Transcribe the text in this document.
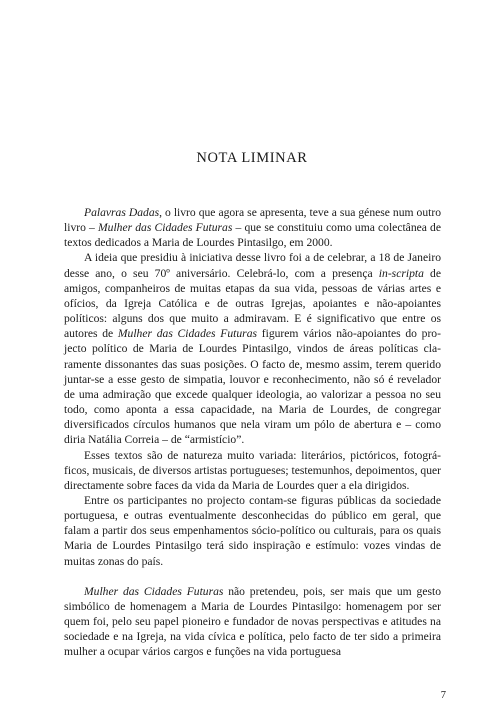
NOTA LIMINAR

Palavras Dadas, o livro que agora se apresenta, teve a sua génese num outro livro – Mulher das Cidades Futuras – que se constituiu como uma colectânea de textos dedicados a Maria de Lourdes Pintasilgo, em 2000.

A ideia que presidiu à iniciativa desse livro foi a de celebrar, a 18 de Janeiro desse ano, o seu 70º aniversário. Celebrá-lo, com a presença in-scripta de amigos, companheiros de muitas etapas da sua vida, pessoas de várias artes e ofícios, da Igreja Católica e de outras Igrejas, apoiantes e não-apoiantes políticos: alguns dos que muito a admiravam. E é significativo que entre os autores de Mulher das Cidades Futuras figurem vários não-apoiantes do projecto político de Maria de Lourdes Pintasilgo, vindos de áreas políticas claramente dissonantes das suas posições. O facto de, mesmo assim, terem querido juntar-se a esse gesto de simpatia, louvor e reconhecimento, não só é revelador de uma admiração que excede qualquer ideologia, ao valorizar a pessoa no seu todo, como aponta a essa capacidade, na Maria de Lourdes, de congregar diversificados círculos humanos que nela viram um pólo de abertura e – como diria Natália Correia – de “armistício”.

Esses textos são de natureza muito variada: literários, pictóricos, fotográficos, musicais, de diversos artistas portugueses; testemunhos, depoimentos, quer directamente sobre faces da vida da Maria de Lourdes quer a ela dirigidos.

Entre os participantes no projecto contam-se figuras públicas da sociedade portuguesa, e outras eventualmente desconhecidas do público em geral, que falam a partir dos seus empenhamentos sócio-político ou culturais, para os quais Maria de Lourdes Pintasilgo terá sido inspiração e estímulo: vozes vindas de muitas zonas do país.

Mulher das Cidades Futuras não pretendeu, pois, ser mais que um gesto simbólico de homenagem a Maria de Lourdes Pintasilgo: homenagem por ser quem foi, pelo seu papel pioneiro e fundador de novas perspectivas e atitudes na sociedade e na Igreja, na vida cívica e política, pelo facto de ter sido a primeira mulher a ocupar vários cargos e funções na vida portuguesa

7
